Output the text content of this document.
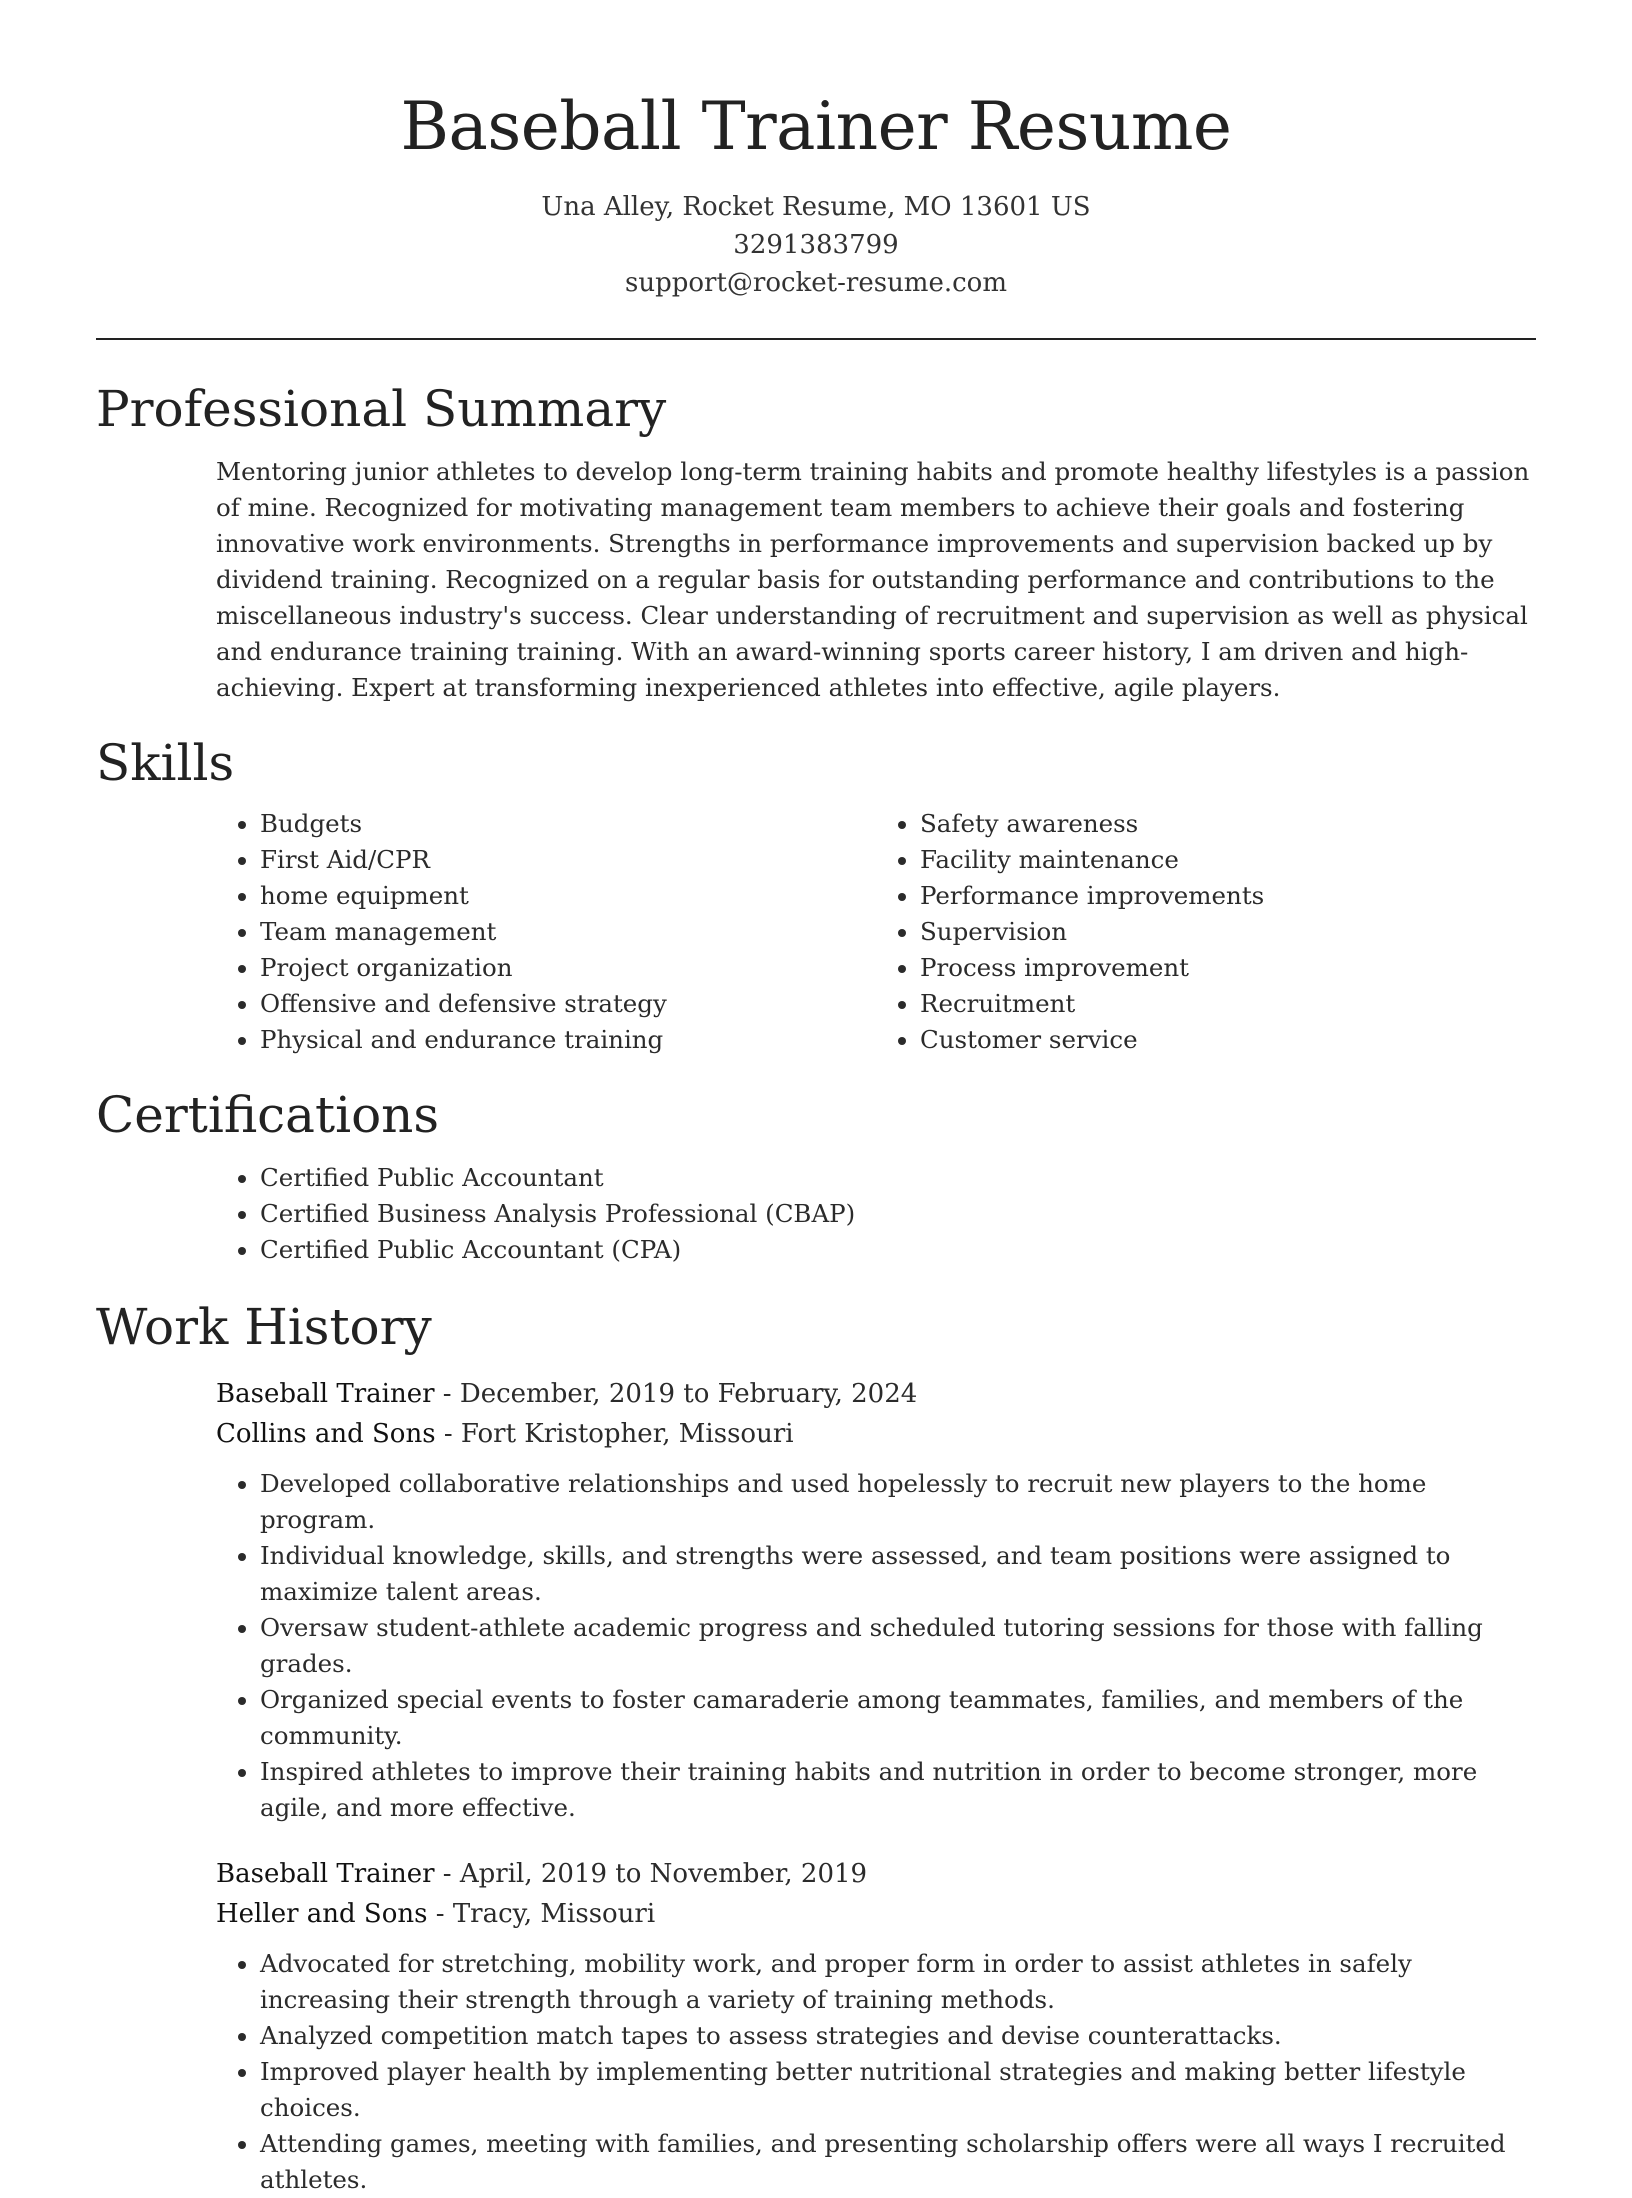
Baseball Trainer Resume
Una Alley, Rocket Resume, MO 13601 US
3291383799
support@rocket-resume.com
Professional Summary

Mentoring junior athletes to develop long-term training habits and promote healthy lifestyles is a passion of mine. Recognized for motivating management team members to achieve their goals and fostering innovative work environments. Strengths in performance improvements and supervision backed up by dividend training. Recognized on a regular basis for outstanding performance and contributions to the miscellaneous industry's success. Clear understanding of recruitment and supervision as well as physical and endurance training training. With an award-winning sports career history, I am driven and high-achieving. Expert at transforming inexperienced athletes into effective, agile players.

Skills
• Budgets
• First Aid/CPR
• home equipment
• Team management
• Project organization
• Offensive and defensive strategy
• Physical and endurance training
• Safety awareness
• Facility maintenance
• Performance improvements
• Supervision
• Process improvement
• Recruitment
• Customer service
Certifications
• Certified Public Accountant
• Certified Business Analysis Professional (CBAP)
• Certified Public Accountant (CPA)
Work History
Baseball Trainer - December, 2019 to February, 2024
Collins and Sons - Fort Kristopher, Missouri
• Developed collaborative relationships and used hopelessly to recruit new players to the home program.
• Individual knowledge, skills, and strengths were assessed, and team positions were assigned to maximize talent areas.
• Oversaw student-athlete academic progress and scheduled tutoring sessions for those with falling grades.
• Organized special events to foster camaraderie among teammates, families, and members of the community.
• Inspired athletes to improve their training habits and nutrition in order to become stronger, more agile, and more effective.
Baseball Trainer - April, 2019 to November, 2019
Heller and Sons - Tracy, Missouri
• Advocated for stretching, mobility work, and proper form in order to assist athletes in safely increasing their strength through a variety of training methods.
• Analyzed competition match tapes to assess strategies and devise counterattacks.
• Improved player health by implementing better nutritional strategies and making better lifestyle choices.
• Attending games, meeting with families, and presenting scholarship offers were all ways I recruited athletes.
